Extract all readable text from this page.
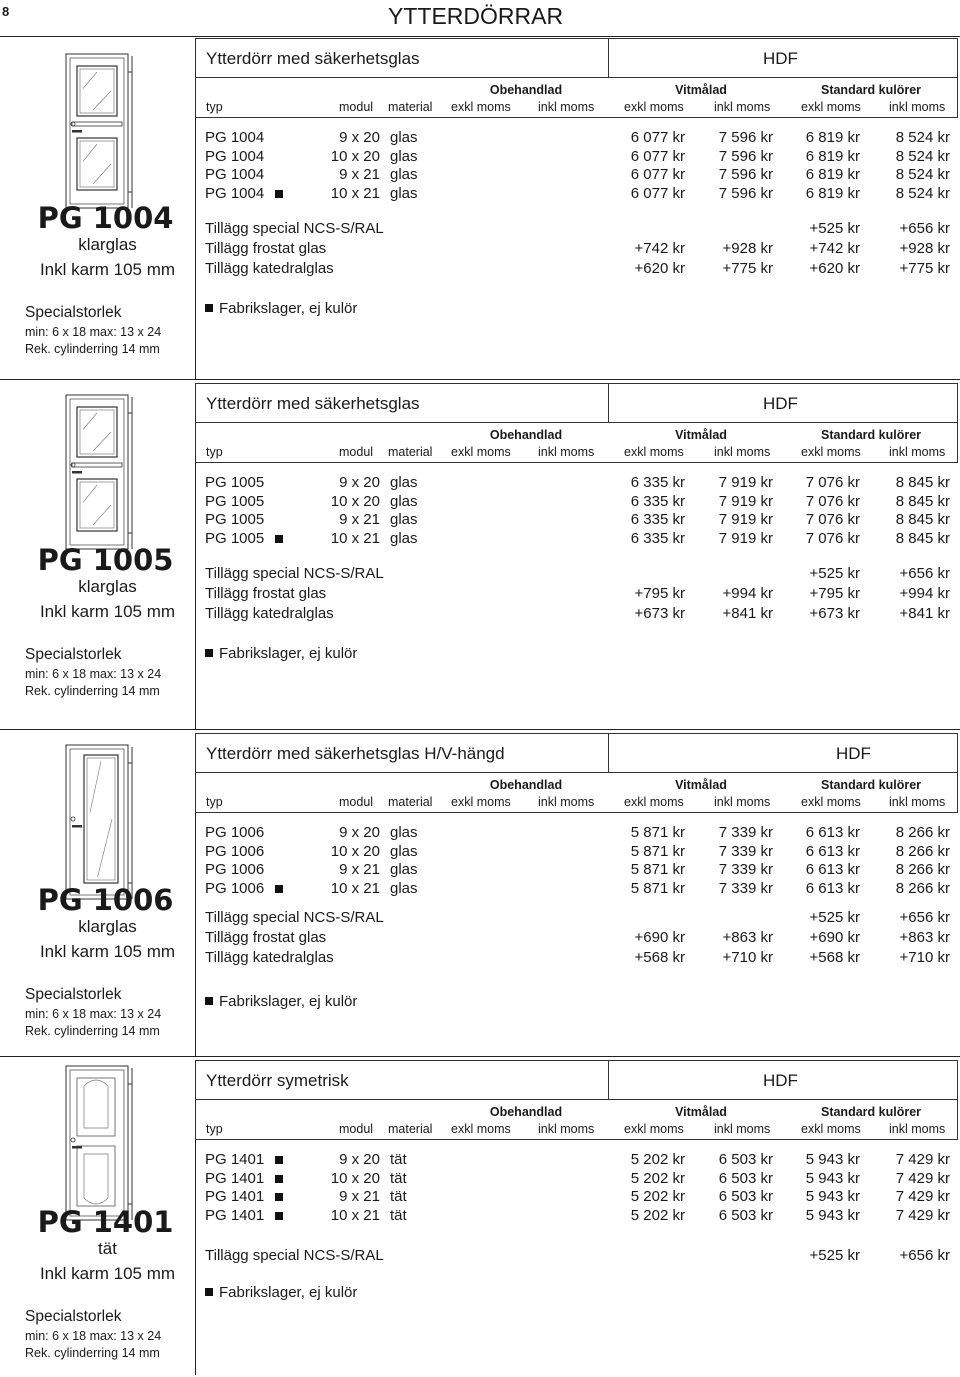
8	YTTERDÖRRAR
PG 1004
klarglas
Inkl karm 105 mm
Specialstorlek
min: 6 x 18 max: 13 x 24
Rek. cylinderring 14 mm
Ytterdörr med säkerhetsglas	HDF
Obehandlad	Vitmålad	Standard kulörer
typ	modul material exkl moms inkl moms exkl moms inkl moms exkl moms inkl moms
PG 1004	9 x 20 glas	6 077 kr	7 596 kr	6 819 kr	8 524 kr
PG 1004	10 x 20 glas	6 077 kr	7 596 kr	6 819 kr	8 524 kr
PG 1004	9 x 21 glas	6 077 kr	7 596 kr	6 819 kr	8 524 kr
PG 1004	10 x 21 glas	6 077 kr	7 596 kr	6 819 kr	8 524 kr
Tillägg special NCS-S/RAL	+525 kr	+656 kr
Tillägg frostat glas	+742 kr	+928 kr	+742 kr	+928 kr
Tillägg katedralglas	+620 kr	+775 kr	+620 kr	+775 kr
Fabrikslager, ej kulör
PG 1005
klarglas
Inkl karm 105 mm
Specialstorlek
min: 6 x 18 max: 13 x 24
Rek. cylinderring 14 mm
Ytterdörr med säkerhetsglas	HDF
Obehandlad	Vitmålad	Standard kulörer
typ	modul material exkl moms inkl moms exkl moms inkl moms exkl moms inkl moms
PG 1005	9 x 20 glas	6 335 kr	7 919 kr	7 076 kr	8 845 kr
PG 1005	10 x 20 glas	6 335 kr	7 919 kr	7 076 kr	8 845 kr
PG 1005	9 x 21 glas	6 335 kr	7 919 kr	7 076 kr	8 845 kr
PG 1005	10 x 21 glas	6 335 kr	7 919 kr	7 076 kr	8 845 kr
Tillägg special NCS-S/RAL	+525 kr	+656 kr
Tillägg frostat glas	+795 kr	+994 kr	+795 kr	+994 kr
Tillägg katedralglas	+673 kr	+841 kr	+673 kr	+841 kr
Fabrikslager, ej kulör
PG 1006
klarglas
Inkl karm 105 mm
Specialstorlek
min: 6 x 18 max: 13 x 24
Rek. cylinderring 14 mm
Ytterdörr med säkerhetsglas H/V-hängd	HDF
Obehandlad	Vitmålad	Standard kulörer
typ	modul material exkl moms inkl moms exkl moms inkl moms exkl moms inkl moms
PG 1006	9 x 20 glas	5 871 kr	7 339 kr	6 613 kr	8 266 kr
PG 1006	10 x 20 glas	5 871 kr	7 339 kr	6 613 kr	8 266 kr
PG 1006	9 x 21 glas	5 871 kr	7 339 kr	6 613 kr	8 266 kr
PG 1006	10 x 21 glas	5 871 kr	7 339 kr	6 613 kr	8 266 kr
Tillägg special NCS-S/RAL	+525 kr	+656 kr
Tillägg frostat glas	+690 kr	+863 kr	+690 kr	+863 kr
Tillägg katedralglas	+568 kr	+710 kr	+568 kr	+710 kr
Fabrikslager, ej kulör
PG 1401
tät
Inkl karm 105 mm
Specialstorlek
min: 6 x 18 max: 13 x 24
Rek. cylinderring 14 mm
Ytterdörr symetrisk	HDF
Obehandlad	Vitmålad	Standard kulörer
typ	modul material exkl moms inkl moms exkl moms inkl moms exkl moms inkl moms
PG 1401	9 x 20 tät	5 202 kr	6 503 kr	5 943 kr	7 429 kr
PG 1401	10 x 20 tät	5 202 kr	6 503 kr	5 943 kr	7 429 kr
PG 1401	9 x 21 tät	5 202 kr	6 503 kr	5 943 kr	7 429 kr
PG 1401	10 x 21 tät	5 202 kr	6 503 kr	5 943 kr	7 429 kr
Tillägg special NCS-S/RAL	+525 kr	+656 kr
Fabrikslager, ej kulör
